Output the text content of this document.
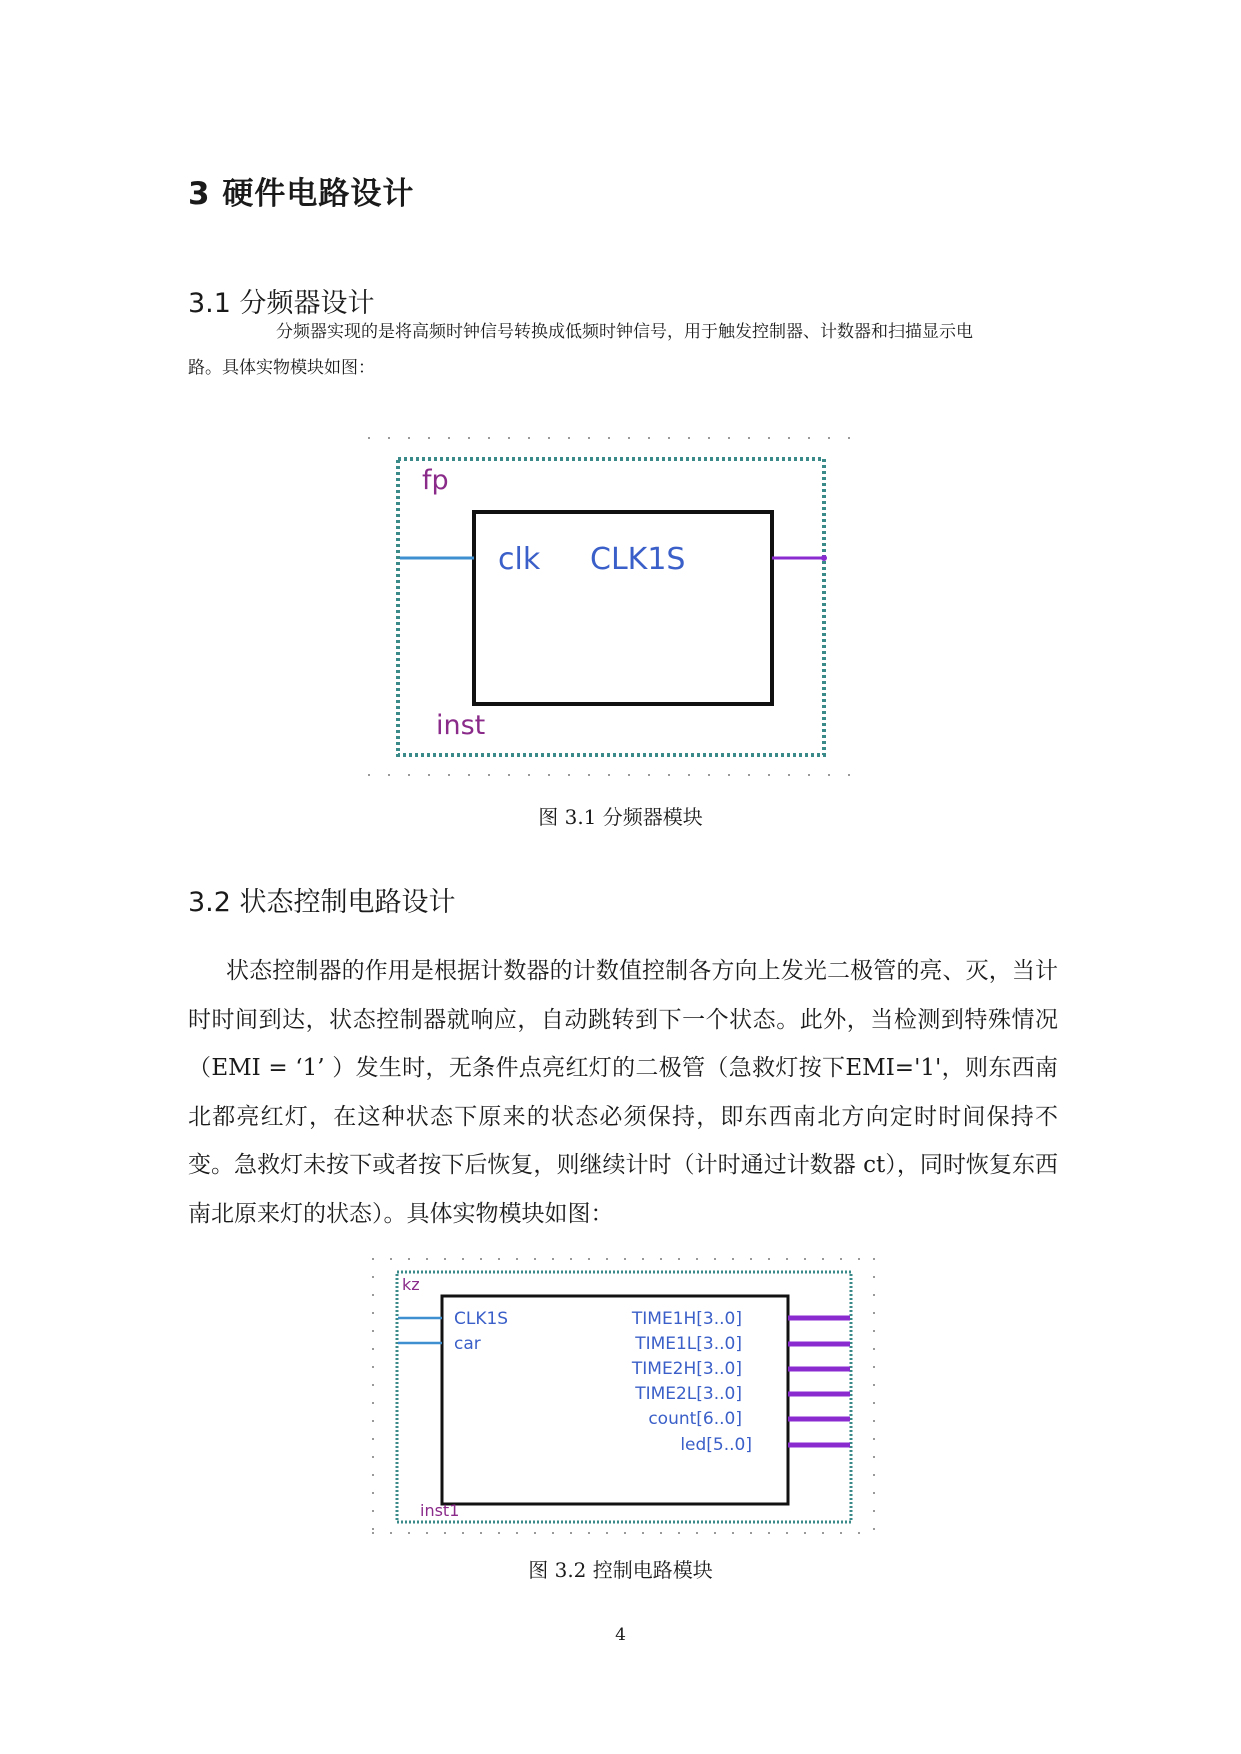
3 硬件电路设计
3.1 分频器设计

分频器实现的是将高频时钟信号转换成低频时钟信号，用于触发控制器、计数器和扫描显示电
路。具体实物模块如图：

fp
clk CLK1S
inst

图 3.1 分频器模块

3.2 状态控制电路设计

状态控制器的作用是根据计数器的计数值控制各方向上发光二极管的亮、灭，当计时时间到达，状态控制器就响应，自动跳转到下一个状态。此外，当检测到特殊情况（EMI = ‘1’ ）发生时，无条件点亮红灯的二极管（急救灯按下EMI='1'，则东西南北都亮红灯，在这种状态下原来的状态必须保持，即东西南北方向定时时间保持不变。急救灯未按下或者按下后恢复，则继续计时（计时通过计数器 ct），同时恢复东西南北原来灯的状态）。具体实物模块如图：

kz
CLK1S
car
TIME1H[3..0]
TIME1L[3..0]
TIME2H[3..0]
TIME2L[3..0]
count[6..0]
led[5..0]
inst1

图 3.2 控制电路模块

4
